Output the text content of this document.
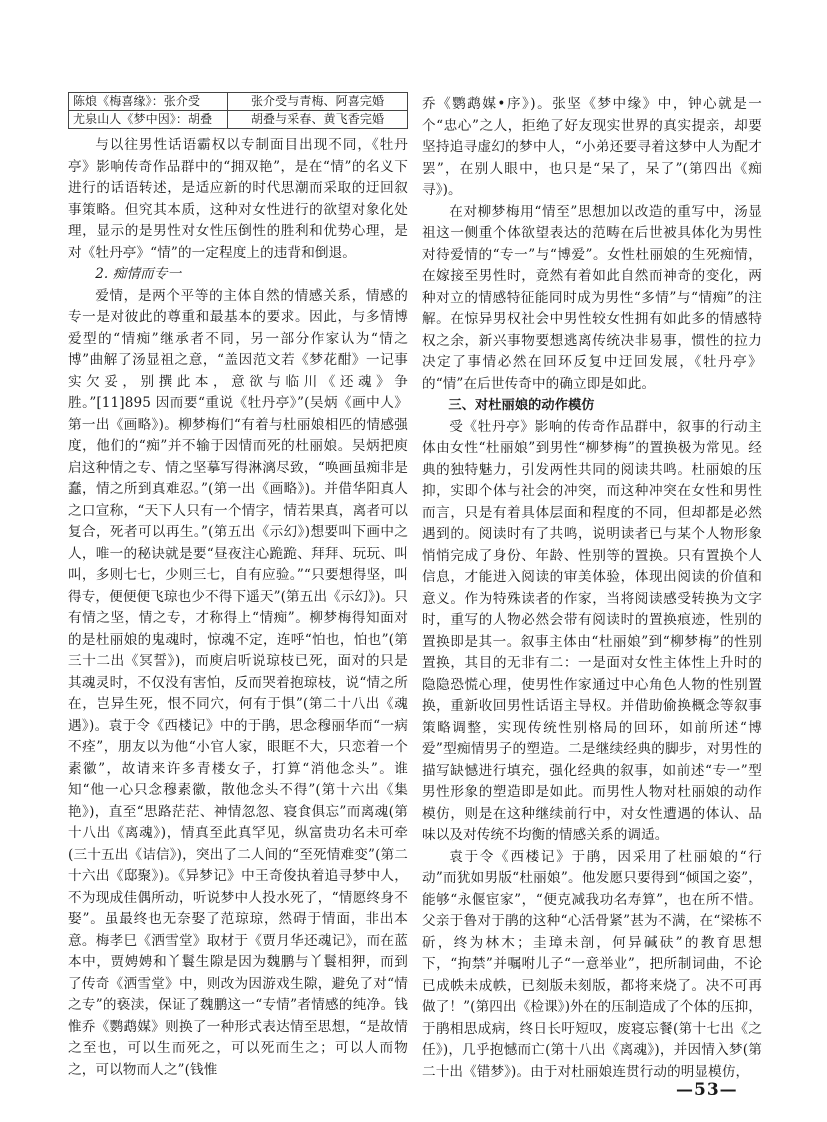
陈烺《梅喜缘》：张介受	张介受与青梅、阿喜完婚
尤泉山人《梦中因》：胡叠	胡叠与采春、黄飞香完婚

与以往男性话语霸权以专制面目出现不同，《牡丹亭》影响传奇作品群中的“拥双艳”，是在“情”的名义下进行的话语转述，是适应新的时代思潮而采取的迂回叙事策略。但究其本质，这种对女性进行的欲望对象化处理，显示的是男性对女性压倒性的胜利和优势心理，是对《牡丹亭》“情”的一定程度上的违背和倒退。

2. 痴情而专一

爱情，是两个平等的主体自然的情感关系，情感的专一是对彼此的尊重和最基本的要求。因此，与多情博爱型的“情痴”继承者不同，另一部分作家认为“情之博”曲解了汤显祖之意，“盖因范文若《梦花酣》一记事实欠妥，别撰此本，意欲与临川《还魂》争胜。”[11]895 因而要“重说《牡丹亭》”(吴炳《画中人》第一出《画略》)。柳梦梅们“有着与杜丽娘相匹的情感强度，他们的“痴”并不输于因情而死的杜丽娘。吴炳把庾启这种情之专、情之坚摹写得淋漓尽致，“唤画虽痴非是蠢，情之所到真难忍。”(第一出《画略》)。并借华阳真人之口宣称，“天下人只有一个情字，情若果真，离者可以复合，死者可以再生。”(第五出《示幻》)想要叫下画中之人，唯一的秘诀就是要“昼夜注心跪跪、拜拜、玩玩、叫叫，多则七七，少则三七，自有应验。”“只要想得坚，叫得专，便便便飞琼也少不得下遥天”(第五出《示幻》)。只有情之坚，情之专，才称得上“情痴”。柳梦梅得知面对的是杜丽娘的鬼魂时，惊魂不定，连呼“怕也，怕也”(第三十二出《冥誓》)，而庾启听说琼枝已死，面对的只是其魂灵时，不仅没有害怕，反而哭着抱琼枝，说“情之所在，岂异生死，恨不同穴，何有于惧”(第二十八出《魂遇》)。袁于令《西楼记》中的于鹃，思念穆丽华而“一病不痊”，朋友以为他“小官人家，眼眶不大，只恋着一个素徽”，故请来许多青楼女子，打算“消他念头”。谁知“他一心只念穆素徽，散他念头不得”(第十六出《集艳》)，直至“思路茫茫、神情忽忽、寝食俱忘”而离魂(第十八出《离魂》)，情真至此真罕见，纵富贵功名未可牵(三十五出《诘信》)，突出了二人间的“至死情难变”(第二十六出《邸聚》)。《异梦记》中王奇俊执着追寻梦中人，不为现成佳偶所动，听说梦中人投水死了，“情愿终身不娶”。虽最终也无奈娶了范琼琼，然碍于情面，非出本意。梅孝巳《洒雪堂》取材于《贾月华还魂记》，而在蓝本中，贾娉娉和丫鬟生隙是因为魏鹏与丫鬟相狎，而到了传奇《洒雪堂》中，则改为因游戏生隙，避免了对“情之专”的亵渎，保证了魏鹏这一“专情”者情感的纯净。钱惟乔《鹦鹉媒》则换了一种形式表达情至思想，“是故情之至也，可以生而死之，可以死而生之；可以人而物之，可以物而人之”(钱惟

乔《鹦鹉媒•序》)。张坚《梦中缘》中，钟心就是一个“忠心”之人，拒绝了好友现实世界的真实提亲，却要坚持追寻虚幻的梦中人，“小弟还要寻着这梦中人为配才罢”，在别人眼中，也只是“呆了，呆了”(第四出《痴寻》)。

在对柳梦梅用“情至”思想加以改造的重写中，汤显祖这一侧重个体欲望表达的范畴在后世被具体化为男性对待爱情的“专一”与“博爱”。女性杜丽娘的生死痴情，在嫁接至男性时，竟然有着如此自然而神奇的变化，两种对立的情感特征能同时成为男性“多情”与“情痴”的注解。在惊异男权社会中男性较女性拥有如此多的情感特权之余，新兴事物要想逃离传统决非易事，惯性的拉力决定了事情必然在回环反复中迂回发展，《牡丹亭》的“情”在后世传奇中的确立即是如此。

三、对杜丽娘的动作模仿

受《牡丹亭》影响的传奇作品群中，叙事的行动主体由女性“杜丽娘”到男性“柳梦梅”的置换极为常见。经典的独特魅力，引发两性共同的阅读共鸣。杜丽娘的压抑，实即个体与社会的冲突，而这种冲突在女性和男性而言，只是有着具体层面和程度的不同，但却都是必然遇到的。阅读时有了共鸣，说明读者已与某个人物形象悄悄完成了身份、年龄、性别等的置换。只有置换个人信息，才能进入阅读的审美体验，体现出阅读的价值和意义。作为特殊读者的作家，当将阅读感受转换为文字时，重写的人物必然会带有阅读时的置换痕迹，性别的置换即是其一。叙事主体由“杜丽娘”到“柳梦梅”的性别置换，其目的无非有二：一是面对女性主体性上升时的隐隐恐慌心理，使男性作家通过中心角色人物的性别置换，重新收回男性话语主导权。并借助偷换概念等叙事策略调整，实现传统性别格局的回环，如前所述“博爱”型痴情男子的塑造。二是继续经典的脚步，对男性的描写缺憾进行填充，强化经典的叙事，如前述“专一”型男性形象的塑造即是如此。而男性人物对杜丽娘的动作模仿，则是在这种继续前行中，对女性遭遇的体认、品味以及对传统不均衡的情感关系的调适。

袁于令《西楼记》于鹃，因采用了杜丽娘的“行动”而犹如男版“杜丽娘”。他发愿只要得到“倾国之姿”，能够“永偃宦家”，“便克减我功名寿算”，也在所不惜。父亲于鲁对于鹃的这种“心活骨紧”甚为不满，在“梁栋不斫，终为林木；圭璋未剖，何异碱砆”的教育思想下，“拘禁”并嘱咐儿子“一意举业”，把所制词曲，不论已成帙未成帙，已刻版未刻版，都将来烧了。决不可再做了！”(第四出《检课》)外在的压制造成了个体的压抑，于鹃相思成病，终日长吁短叹，废寝忘餐(第十七出《之任》)，几乎抱憾而亡(第十八出《离魂》)，并因情入梦(第二十出《错梦》)。由于对杜丽娘连贯行动的明显模仿，

—53—
